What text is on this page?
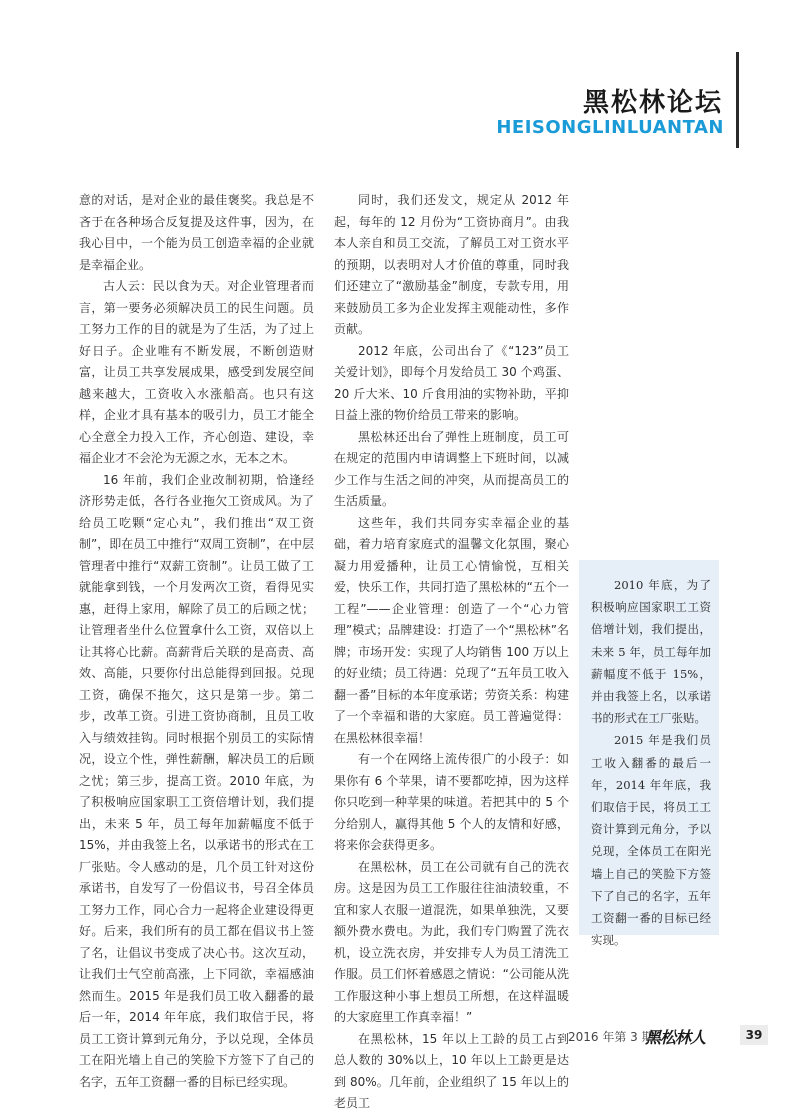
黑松林论坛
HEISONGLINLUANTAN

意的对话，是对企业的最佳褒奖。我总是不吝于在各种场合反复提及这件事，因为，在我心目中，一个能为员工创造幸福的企业就是幸福企业。

古人云：民以食为天。对企业管理者而言，第一要务必须解决员工的民生问题。员工努力工作的目的就是为了生活，为了过上好日子。企业唯有不断发展，不断创造财富，让员工共享发展成果，感受到发展空间越来越大，工资收入水涨船高。也只有这样，企业才具有基本的吸引力，员工才能全心全意全力投入工作，齐心创造、建设，幸福企业才不会沦为无源之水，无本之木。

16 年前，我们企业改制初期，恰逢经济形势走低，各行各业拖欠工资成风。为了给员工吃颗“定心丸”，我们推出“双工资制”，即在员工中推行“双周工资制”，在中层管理者中推行“双薪工资制”。让员工做了工就能拿到钱，一个月发两次工资，看得见实惠，赶得上家用，解除了员工的后顾之忧；让管理者坐什么位置拿什么工资，双倍以上让其将心比薪。高薪背后关联的是高责、高效、高能，只要你付出总能得到回报。兑现工资，确保不拖欠，这只是第一步。第二步，改革工资。引进工资协商制，且员工收入与绩效挂钩。同时根据个别员工的实际情况，设立个性，弹性薪酬，解决员工的后顾之忧；第三步，提高工资。2010 年底，为了积极响应国家职工工资倍增计划，我们提出，未来 5 年，员工每年加薪幅度不低于 15%，并由我签上名，以承诺书的形式在工厂张贴。令人感动的是，几个员工针对这份承诺书，自发写了一份倡议书，号召全体员工努力工作，同心合力一起将企业建设得更好。后来，我们所有的员工都在倡议书上签了名，让倡议书变成了决心书。这次互动，让我们士气空前高涨，上下同欲，幸福感油然而生。2015 年是我们员工收入翻番的最后一年，2014 年年底，我们取信于民，将员工工资计算到元角分，予以兑现，全体员工在阳光墙上自己的笑脸下方签下了自己的名字，五年工资翻一番的目标已经实现。

同时，我们还发文，规定从 2012 年起，每年的 12 月份为“工资协商月”。由我本人亲自和员工交流，了解员工对工资水平的预期，以表明对人才价值的尊重，同时我们还建立了“激励基金”制度，专款专用，用来鼓励员工多为企业发挥主观能动性，多作贡献。

2012 年底，公司出台了《“123”员工关爱计划》，即每个月发给员工 30 个鸡蛋、20 斤大米、10 斤食用油的实物补助，平抑日益上涨的物价给员工带来的影响。

黑松林还出台了弹性上班制度，员工可在规定的范围内申请调整上下班时间，以减少工作与生活之间的冲突，从而提高员工的生活质量。

这些年，我们共同夯实幸福企业的基础，着力培育家庭式的温馨文化氛围，聚心凝力用爱播种，让员工心情愉悦，互相关爱，快乐工作，共同打造了黑松林的“五个一工程”——企业管理：创造了一个“心力管理”模式；品牌建设：打造了一个“黑松林”名牌；市场开发：实现了人均销售 100 万以上的好业绩；员工待遇：兑现了“五年员工收入翻一番”目标的本年度承诺；劳资关系：构建了一个幸福和谐的大家庭。员工普遍觉得：在黑松林很幸福！

有一个在网络上流传很广的小段子：如果你有 6 个苹果，请不要都吃掉，因为这样你只吃到一种苹果的味道。若把其中的 5 个分给别人，赢得其他 5 个人的友情和好感，将来你会获得更多。

在黑松林，员工在公司就有自己的洗衣房。这是因为员工工作服往往油渍较重，不宜和家人衣服一道混洗，如果单独洗，又要额外费水费电。为此，我们专门购置了洗衣机，设立洗衣房，并安排专人为员工清洗工作服。员工们怀着感恩之情说：“公司能从洗工作服这种小事上想员工所想，在这样温暖的大家庭里工作真幸福！”

在黑松林，15 年以上工龄的员工占到总人数的 30%以上，10 年以上工龄更是达到 80%。几年前，企业组织了 15 年以上的老员工

2010 年底，为了积极响应国家职工工资倍增计划，我们提出，未来 5 年，员工每年加薪幅度不低于 15%，并由我签上名，以承诺书的形式在工厂张贴。

2015 年是我们员工收入翻番的最后一年，2014 年年底，我们取信于民，将员工工资计算到元角分，予以兑现，全体员工在阳光墙上自己的笑脸下方签下了自己的名字，五年工资翻一番的目标已经实现。

2016 年第 3 期
黑松林人	39
